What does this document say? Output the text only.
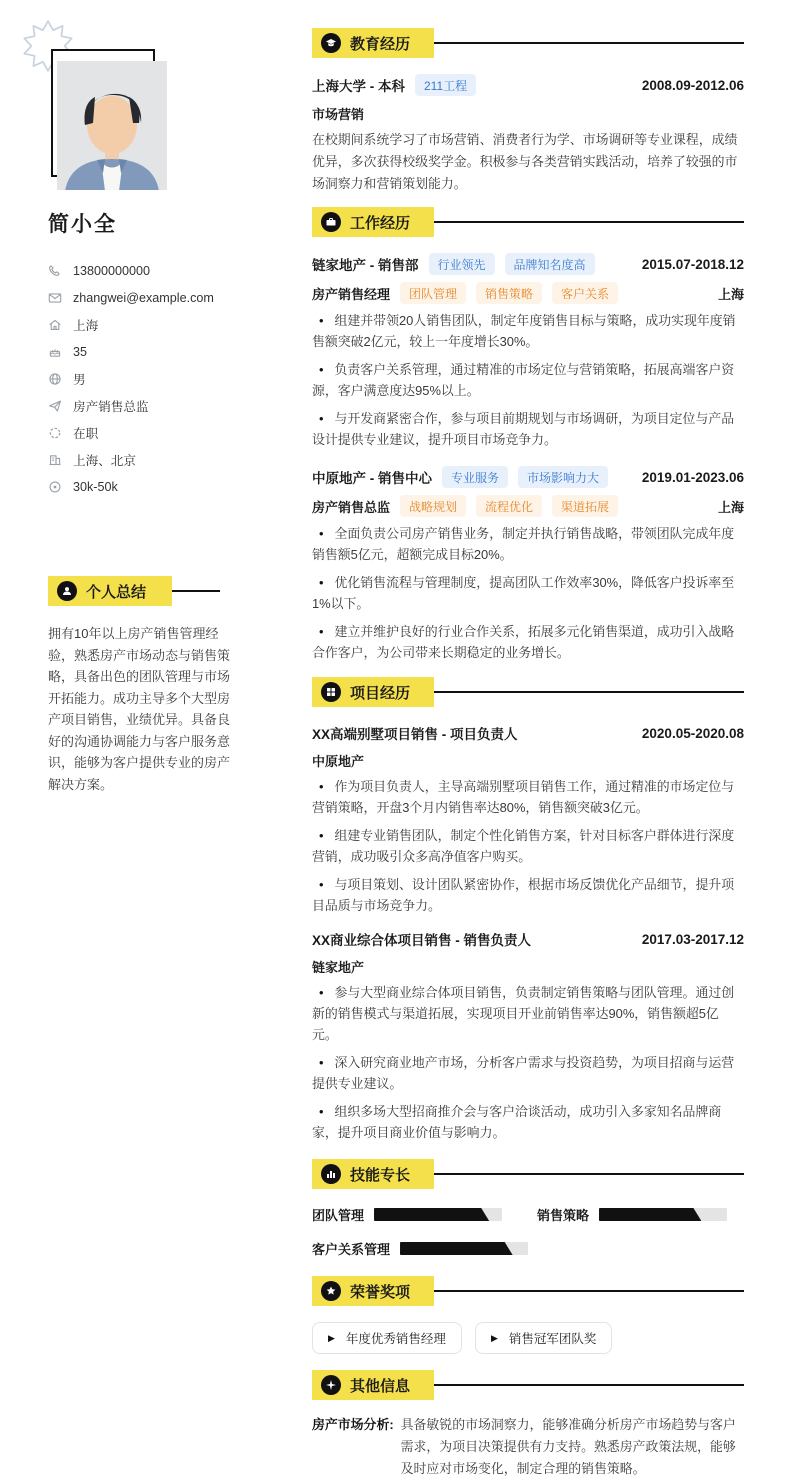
简小全
13800000000
zhangwei@example.com
上海
35
男
房产销售总监
在职
上海、北京
30k-50k
个人总结

拥有10年以上房产销售管理经验，熟悉房产市场动态与销售策略，具备出色的团队管理与市场开拓能力。成功主导多个大型房产项目销售，业绩优异。具备良好的沟通协调能力与客户服务意识，能够为客户提供专业的房产解决方案。

教育经历
上海大学 - 本科	211工程	2008.09-2012.06
市场营销

在校期间系统学习了市场营销、消费者行为学、市场调研等专业课程，成绩优异，多次获得校级奖学金。积极参与各类营销实践活动，培养了较强的市场洞察力和营销策划能力。

工作经历
链家地产 - 销售部	行业领先	品牌知名度高	2015.07-2018.12
房产销售经理	团队管理	销售策略	客户关系	上海
• 组建并带领20人销售团队，制定年度销售目标与策略，成功实现年度销售额突破2亿元，较上一年度增长30%。
• 负责客户关系管理，通过精准的市场定位与营销策略，拓展高端客户资源，客户满意度达95%以上。
• 与开发商紧密合作，参与项目前期规划与市场调研，为项目定位与产品设计提供专业建议，提升项目市场竞争力。
中原地产 - 销售中心	专业服务	市场影响力大	2019.01-2023.06
房产销售总监	战略规划	流程优化	渠道拓展	上海
• 全面负责公司房产销售业务，制定并执行销售战略，带领团队完成年度销售额5亿元，超额完成目标20%。
• 优化销售流程与管理制度，提高团队工作效率30%，降低客户投诉率至1%以下。
• 建立并维护良好的行业合作关系，拓展多元化销售渠道，成功引入战略合作客户，为公司带来长期稳定的业务增长。
项目经历
XX高端别墅项目销售 - 项目负责人	2020.05-2020.08
中原地产
• 作为项目负责人，主导高端别墅项目销售工作，通过精准的市场定位与营销策略，开盘3个月内销售率达80%，销售额突破3亿元。
• 组建专业销售团队，制定个性化销售方案，针对目标客户群体进行深度营销，成功吸引众多高净值客户购买。
• 与项目策划、设计团队紧密协作，根据市场反馈优化产品细节，提升项目品质与市场竞争力。
XX商业综合体项目销售 - 销售负责人	2017.03-2017.12
链家地产
• 参与大型商业综合体项目销售，负责制定销售策略与团队管理。通过创新的销售模式与渠道拓展，实现项目开业前销售率达90%，销售额超5亿元。
• 深入研究商业地产市场，分析客户需求与投资趋势，为项目招商与运营提供专业建议。
• 组织多场大型招商推介会与客户洽谈活动，成功引入多家知名品牌商家，提升项目商业价值与影响力。
技能专长
团队管理	销售策略
客户关系管理
荣誉奖项
▶ 年度优秀销售经理	▶ 销售冠军团队奖
其他信息
房产市场分析: 具备敏锐的市场洞察力，能够准确分析房产市场趋势与客户需求，为项目决策提供有力支持。熟悉房产政策法规，能够及时应对市场变化，制定合理的销售策略。
